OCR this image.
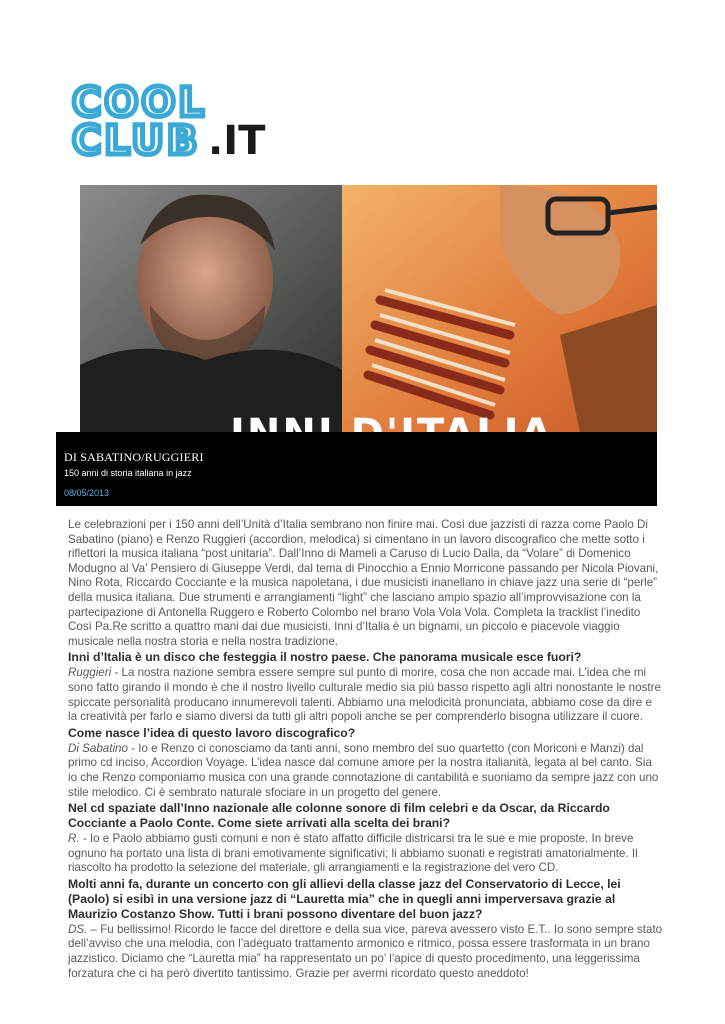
COOL
CLUB .IT
DI SABATINO/RUGGIERI
150 anni di storia italiana in jazz
08/05/2013

Le celebrazioni per i 150 anni dell’Unità d’Italia sembrano non finire mai. Così due jazzisti di razza come Paolo Di Sabatino (piano) e Renzo Ruggieri (accordion, melodica) si cimentano in un lavoro discografico che mette sotto i riflettori la musica italiana “post unitaria”. Dall’Inno di Mameli a Caruso di Lucio Dalla, da “Volare” di Domenico Modugno al Va’ Pensiero di Giuseppe Verdi, dal tema di Pinocchio a Ennio Morricone passando per Nicola Piovani, Nino Rota, Riccardo Cocciante e la musica napoletana, i due musicisti inanellano in chiave jazz una serie di “perle” della musica italiana. Due strumenti e arrangiamenti “light” che lasciano ampio spazio all’improvvisazione con la partecipazione di Antonella Ruggero e Roberto Colombo nel brano Vola Vola Vola. Completa la tracklist l’inedito Così Pa.Re scritto a quattro mani dai due musicisti. Inni d’Italia è un bignami, un piccolo e piacevole viaggio musicale nella nostra storia e nella nostra tradizione.

Inni d’Italia è un disco che festeggia il nostro paese. Che panorama musicale esce fuori?

Ruggieri - La nostra nazione sembra essere sempre sul punto di morire, cosa che non accade mai. L’idea che mi sono fatto girando il mondo è che il nostro livello culturale medio sia più basso rispetto agli altri nonostante le nostre spiccate personalità producano innumerevoli talenti. Abbiamo una melodicità pronunciata, abbiamo cose da dire e la creatività per farlo e siamo diversi da tutti gli altri popoli anche se per comprenderlo bisogna utilizzare il cuore.

Come nasce l’idea di questo lavoro discografico?

Di Sabatino - Io e Renzo ci conosciamo da tanti anni, sono membro del suo quartetto (con Moriconi e Manzi) dal primo cd inciso, Accordion Voyage. L’idea nasce dal comune amore per la nostra italianità, legata al bel canto. Sia io che Renzo componiamo musica con una grande connotazione di cantabilità e suoniamo da sempre jazz con uno stile melodico. Ci è sembrato naturale sfociare in un progetto del genere.

Nel cd spaziate dall’Inno nazionale alle colonne sonore di film celebri e da Oscar, da Riccardo Cocciante a Paolo Conte. Come siete arrivati alla scelta dei brani?

R. - Io e Paolo abbiamo gusti comuni e non è stato affatto difficile districarsi tra le sue e mie proposte. In breve ognuno ha portato una lista di brani emotivamente significativi; li abbiamo suonati e registrati amatorialmente. Il riascolto ha prodotto la selezione del materiale, gli arrangiamenti e la registrazione del vero CD.

Molti anni fa, durante un concerto con gli allievi della classe jazz del Conservatorio di Lecce, lei (Paolo) si esibì in una versione jazz di “Lauretta mia” che in quegli anni imperversava grazie al Maurizio Costanzo Show. Tutti i brani possono diventare del buon jazz?

DS. – Fu bellissimo! Ricordo le facce del direttore e della sua vice, pareva avessero visto E.T.. Io sono sempre stato dell’avviso che una melodia, con l’adeguato trattamento armonico e ritmico, possa essere trasformata in un brano jazzistico. Diciamo che “Lauretta mia” ha rappresentato un po’ l’apice di questo procedimento, una leggerissima forzatura che ci ha però divertito tantissimo. Grazie per avermi ricordato questo aneddoto!
